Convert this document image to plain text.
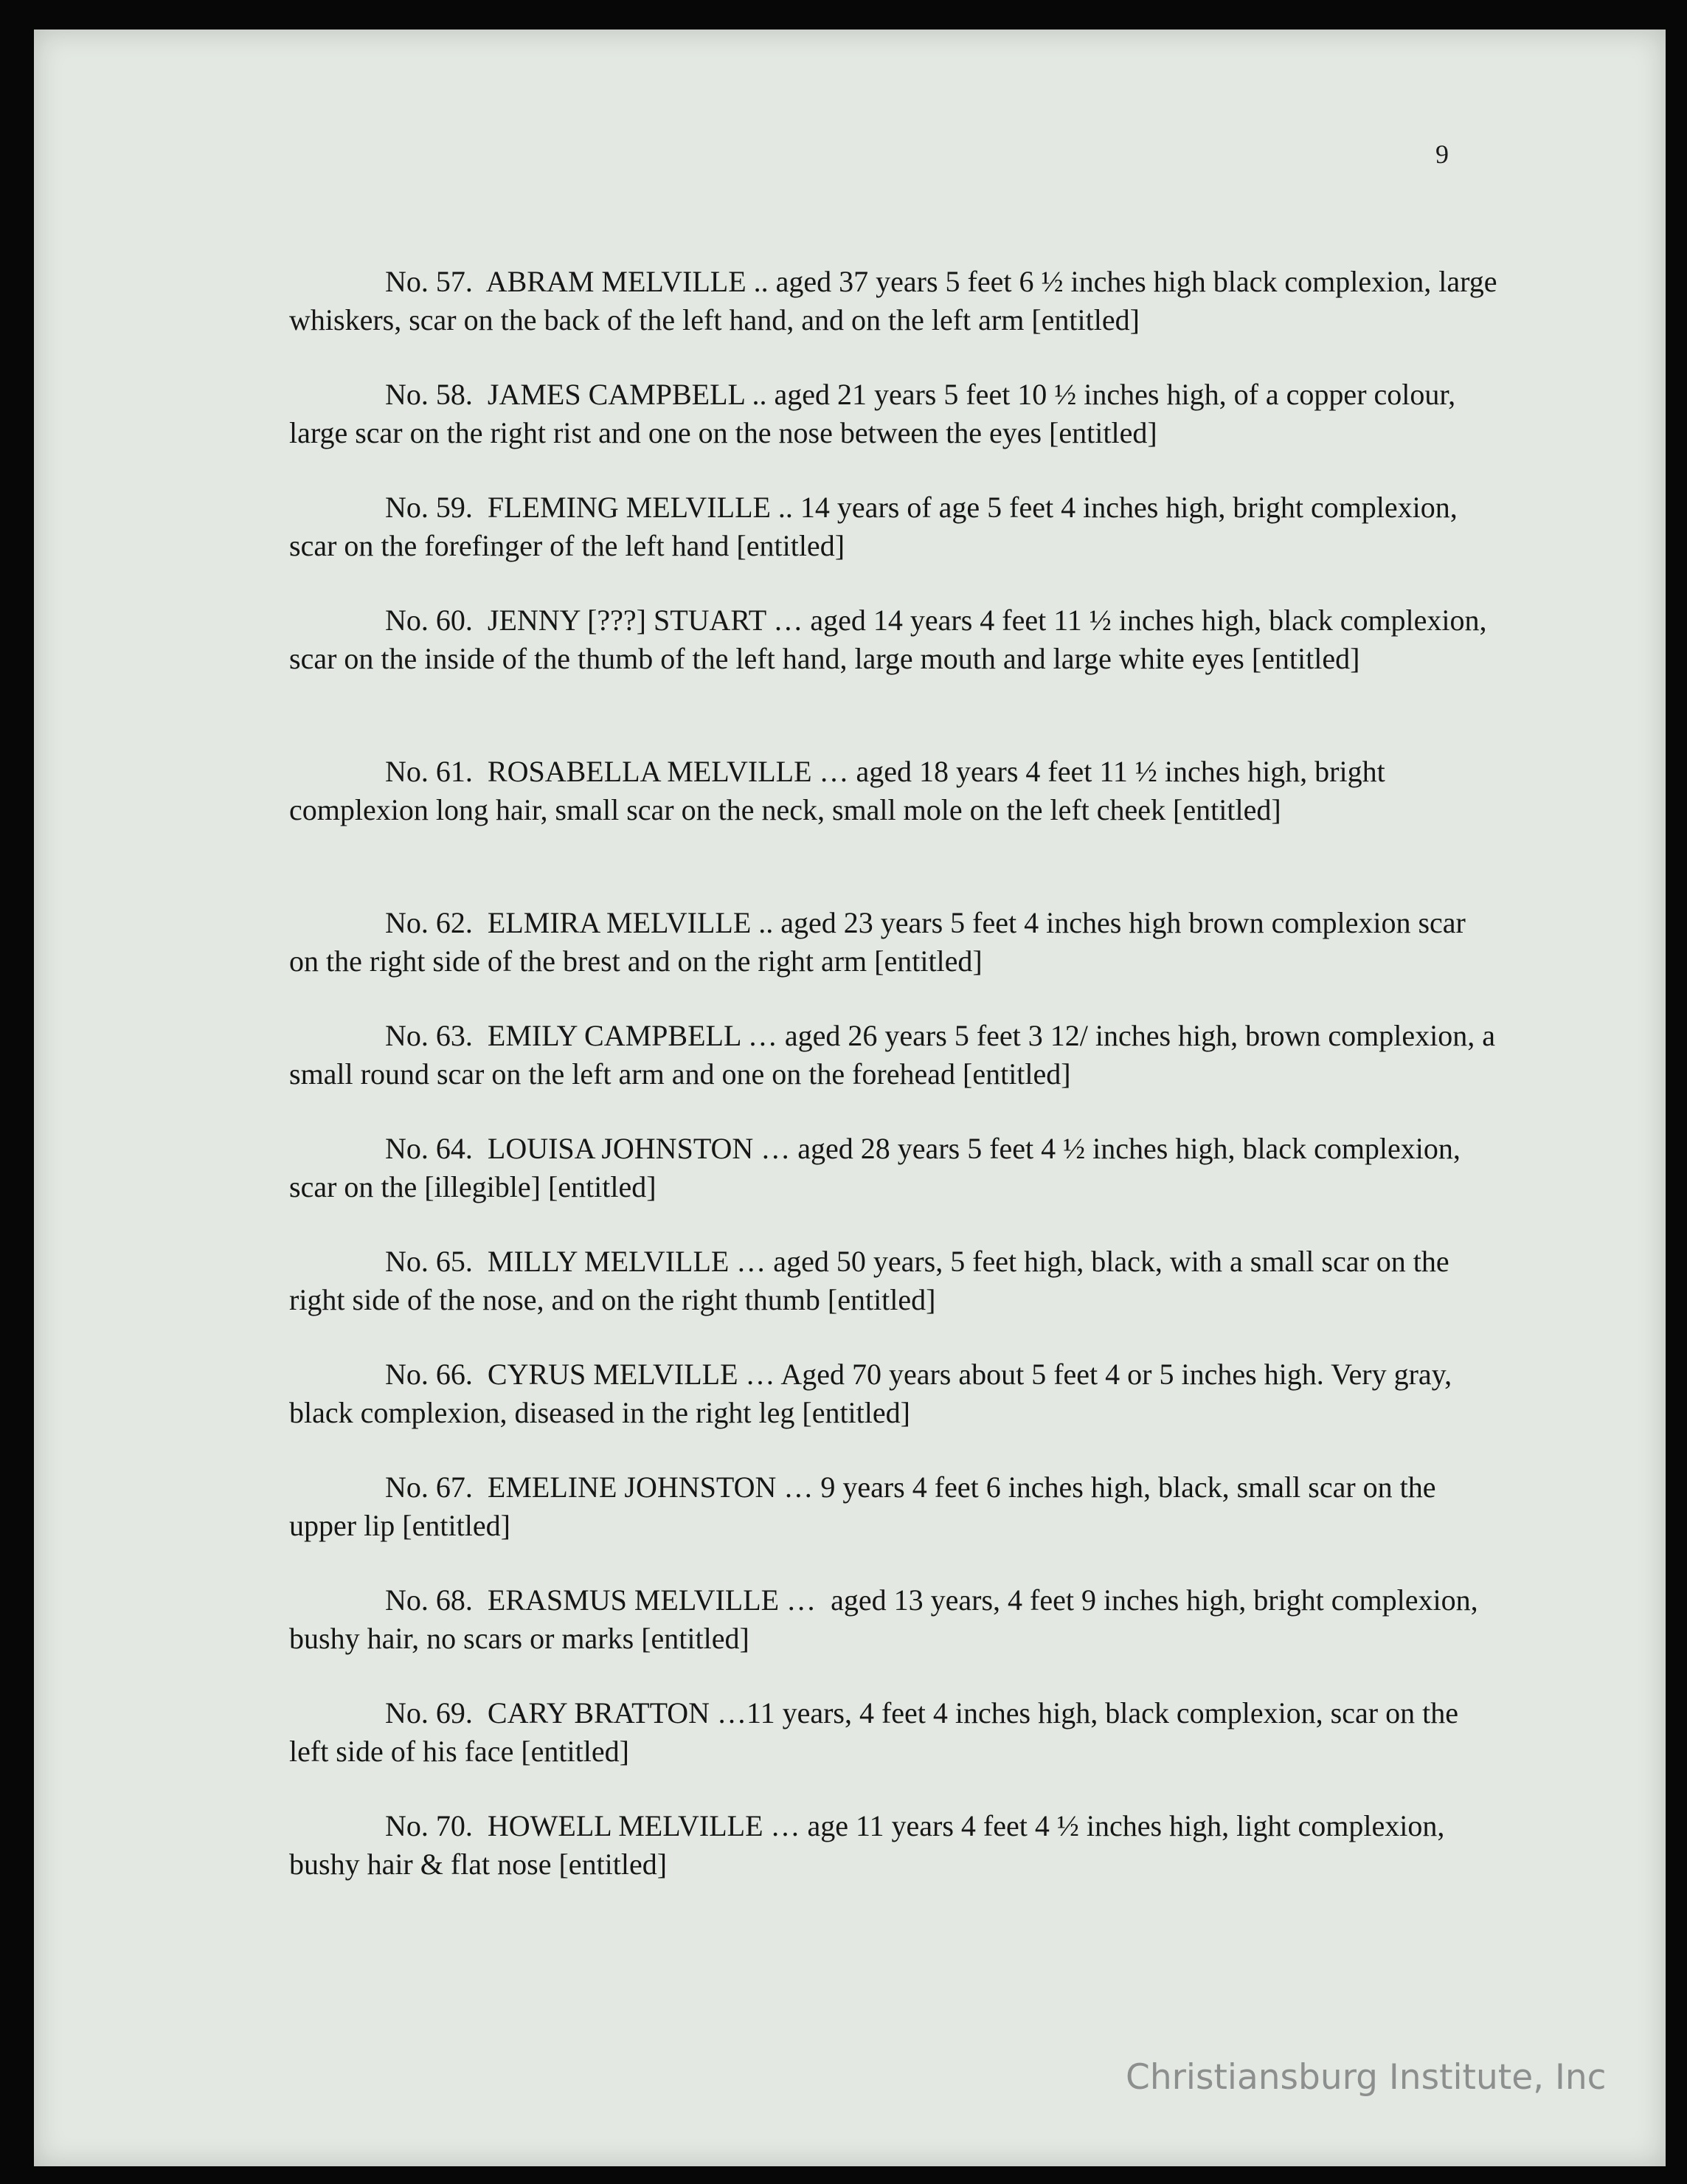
9

No. 57.  ABRAM MELVILLE .. aged 37 years 5 feet 6 ½ inches high black complexion, large whiskers, scar on the back of the left hand, and on the left arm [entitled]

No. 58.  JAMES CAMPBELL .. aged 21 years 5 feet 10 ½ inches high, of a copper colour, large scar on the right rist and one on the nose between the eyes [entitled]

No. 59.  FLEMING MELVILLE .. 14 years of age 5 feet 4 inches high, bright complexion, scar on the forefinger of the left hand [entitled]

No. 60.  JENNY [???] STUART … aged 14 years 4 feet 11 ½ inches high, black complexion, scar on the inside of the thumb of the left hand, large mouth and large white eyes [entitled]

No. 61.  ROSABELLA MELVILLE … aged 18 years 4 feet 11 ½ inches high, bright complexion long hair, small scar on the neck, small mole on the left cheek [entitled]

No. 62.  ELMIRA MELVILLE .. aged 23 years 5 feet 4 inches high brown complexion scar on the right side of the brest and on the right arm [entitled]

No. 63.  EMILY CAMPBELL … aged 26 years 5 feet 3 12/ inches high, brown complexion, a small round scar on the left arm and one on the forehead [entitled]

No. 64.  LOUISA JOHNSTON … aged 28 years 5 feet 4 ½ inches high, black complexion, scar on the [illegible] [entitled]

No. 65.  MILLY MELVILLE … aged 50 years, 5 feet high, black, with a small scar on the right side of the nose, and on the right thumb [entitled]

No. 66.  CYRUS MELVILLE … Aged 70 years about 5 feet 4 or 5 inches high. Very gray, black complexion, diseased in the right leg [entitled]

No. 67.  EMELINE JOHNSTON … 9 years 4 feet 6 inches high, black, small scar on the upper lip [entitled]

No. 68.  ERASMUS MELVILLE …  aged 13 years, 4 feet 9 inches high, bright complexion, bushy hair, no scars or marks [entitled]

No. 69.  CARY BRATTON …11 years, 4 feet 4 inches high, black complexion, scar on the left side of his face [entitled]

No. 70.  HOWELL MELVILLE … age 11 years 4 feet 4 ½ inches high, light complexion, bushy hair & flat nose [entitled]

Christiansburg Institute, Inc
